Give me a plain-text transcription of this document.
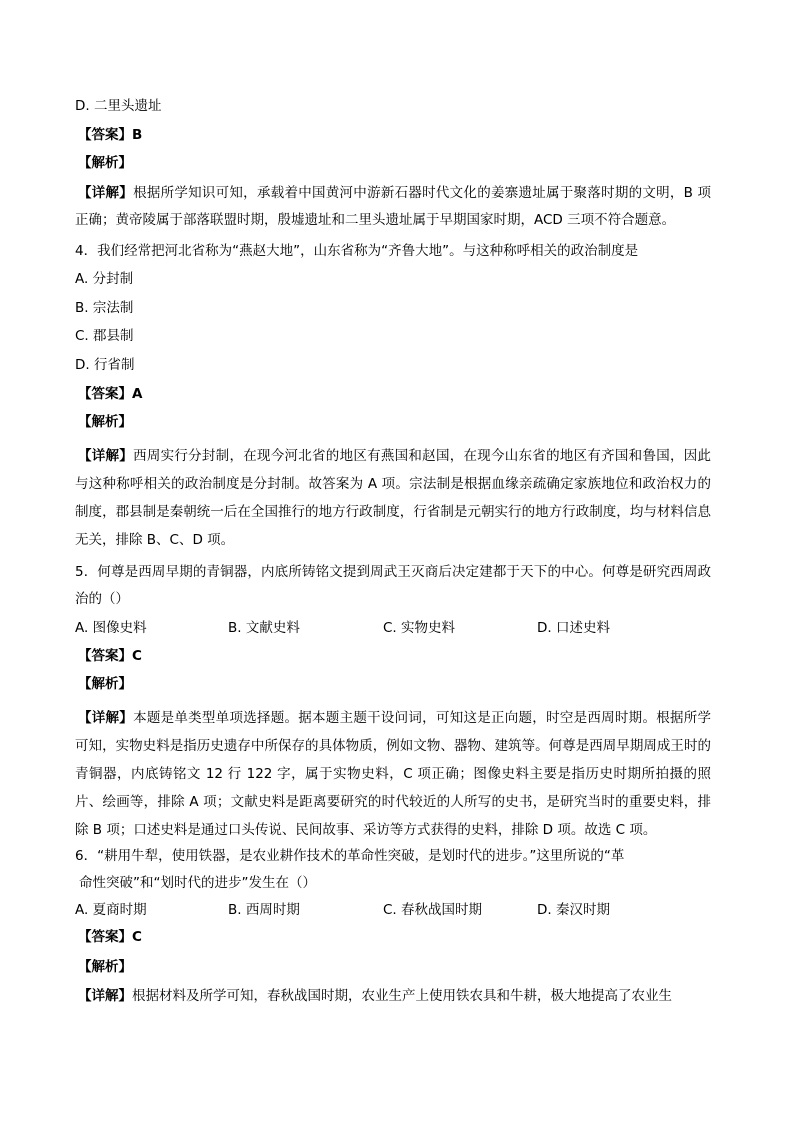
D. 二里头遗址
【答案】B
【解析】
【详解】根据所学知识可知，承载着中国黄河中游新石器时代文化的姜寨遗址属于聚落时期的文明，B 项正确；黄帝陵属于部落联盟时期，殷墟遗址和二里头遗址属于早期国家时期，ACD 三项不符合题意。
4．我们经常把河北省称为“燕赵大地”，山东省称为“齐鲁大地”。与这种称呼相关的政治制度是
A. 分封制
B. 宗法制
C. 郡县制
D. 行省制
【答案】A
【解析】
【详解】西周实行分封制，在现今河北省的地区有燕国和赵国，在现今山东省的地区有齐国和鲁国，因此与这种称呼相关的政治制度是分封制。故答案为 A 项。宗法制是根据血缘亲疏确定家族地位和政治权力的制度，郡县制是秦朝统一后在全国推行的地方行政制度，行省制是元朝实行的地方行政制度，均与材料信息无关，排除 B、C、D 项。
5．何尊是西周早期的青铜器，内底所铸铭文提到周武王灭商后决定建都于天下的中心。何尊是研究西周政治的（）
A. 图像史料	B. 文献史料	C. 实物史料	D. 口述史料
【答案】C
【解析】
【详解】本题是单类型单项选择题。据本题主题干设问词，可知这是正向题，时空是西周时期。根据所学可知，实物史料是指历史遗存中所保存的具体物质，例如文物、器物、建筑等。何尊是西周早期周成王时的青铜器，内底铸铭文 12 行 122 字，属于实物史料，C 项正确；图像史料主要是指历史时期所拍摄的照片、绘画等，排除 A 项；文献史料是距离要研究的时代较近的人所写的史书，是研究当时的重要史料，排除 B 项；口述史料是通过口头传说、民间故事、采访等方式获得的史料，排除 D 项。故选 C 项。
6．“耕用牛犁，使用铁器，是农业耕作技术的革命性突破，是划时代的进步。”这里所说的“革
命性突破”和“划时代的进步”发生在（）
A. 夏商时期	B. 西周时期	C. 春秋战国时期	D. 秦汉时期
【答案】C
【解析】
【详解】根据材料及所学可知，春秋战国时期，农业生产上使用铁农具和牛耕，极大地提高了农业生
